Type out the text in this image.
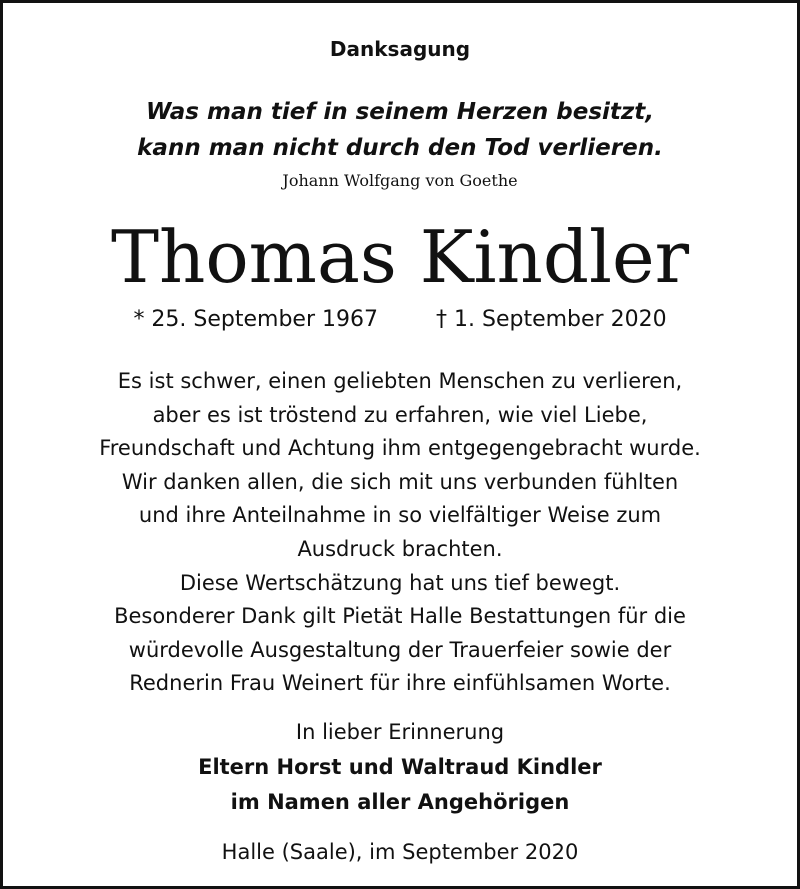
Danksagung
Was man tief in seinem Herzen besitzt,
kann man nicht durch den Tod verlieren.
Johann Wolfgang von Goethe
Thomas Kindler
* 25. September 1967	† 1. September 2020
Es ist schwer, einen geliebten Menschen zu verlieren,
aber es ist tröstend zu erfahren, wie viel Liebe,
Freundschaft und Achtung ihm entgegengebracht wurde.
Wir danken allen, die sich mit uns verbunden fühlten
und ihre Anteilnahme in so vielfältiger Weise zum
Ausdruck brachten.
Diese Wertschätzung hat uns tief bewegt.
Besonderer Dank gilt Pietät Halle Bestattungen für die
würdevolle Ausgestaltung der Trauerfeier sowie der
Rednerin Frau Weinert für ihre einfühlsamen Worte.
In lieber Erinnerung
Eltern Horst und Waltraud Kindler
im Namen aller Angehörigen
Halle (Saale), im September 2020
